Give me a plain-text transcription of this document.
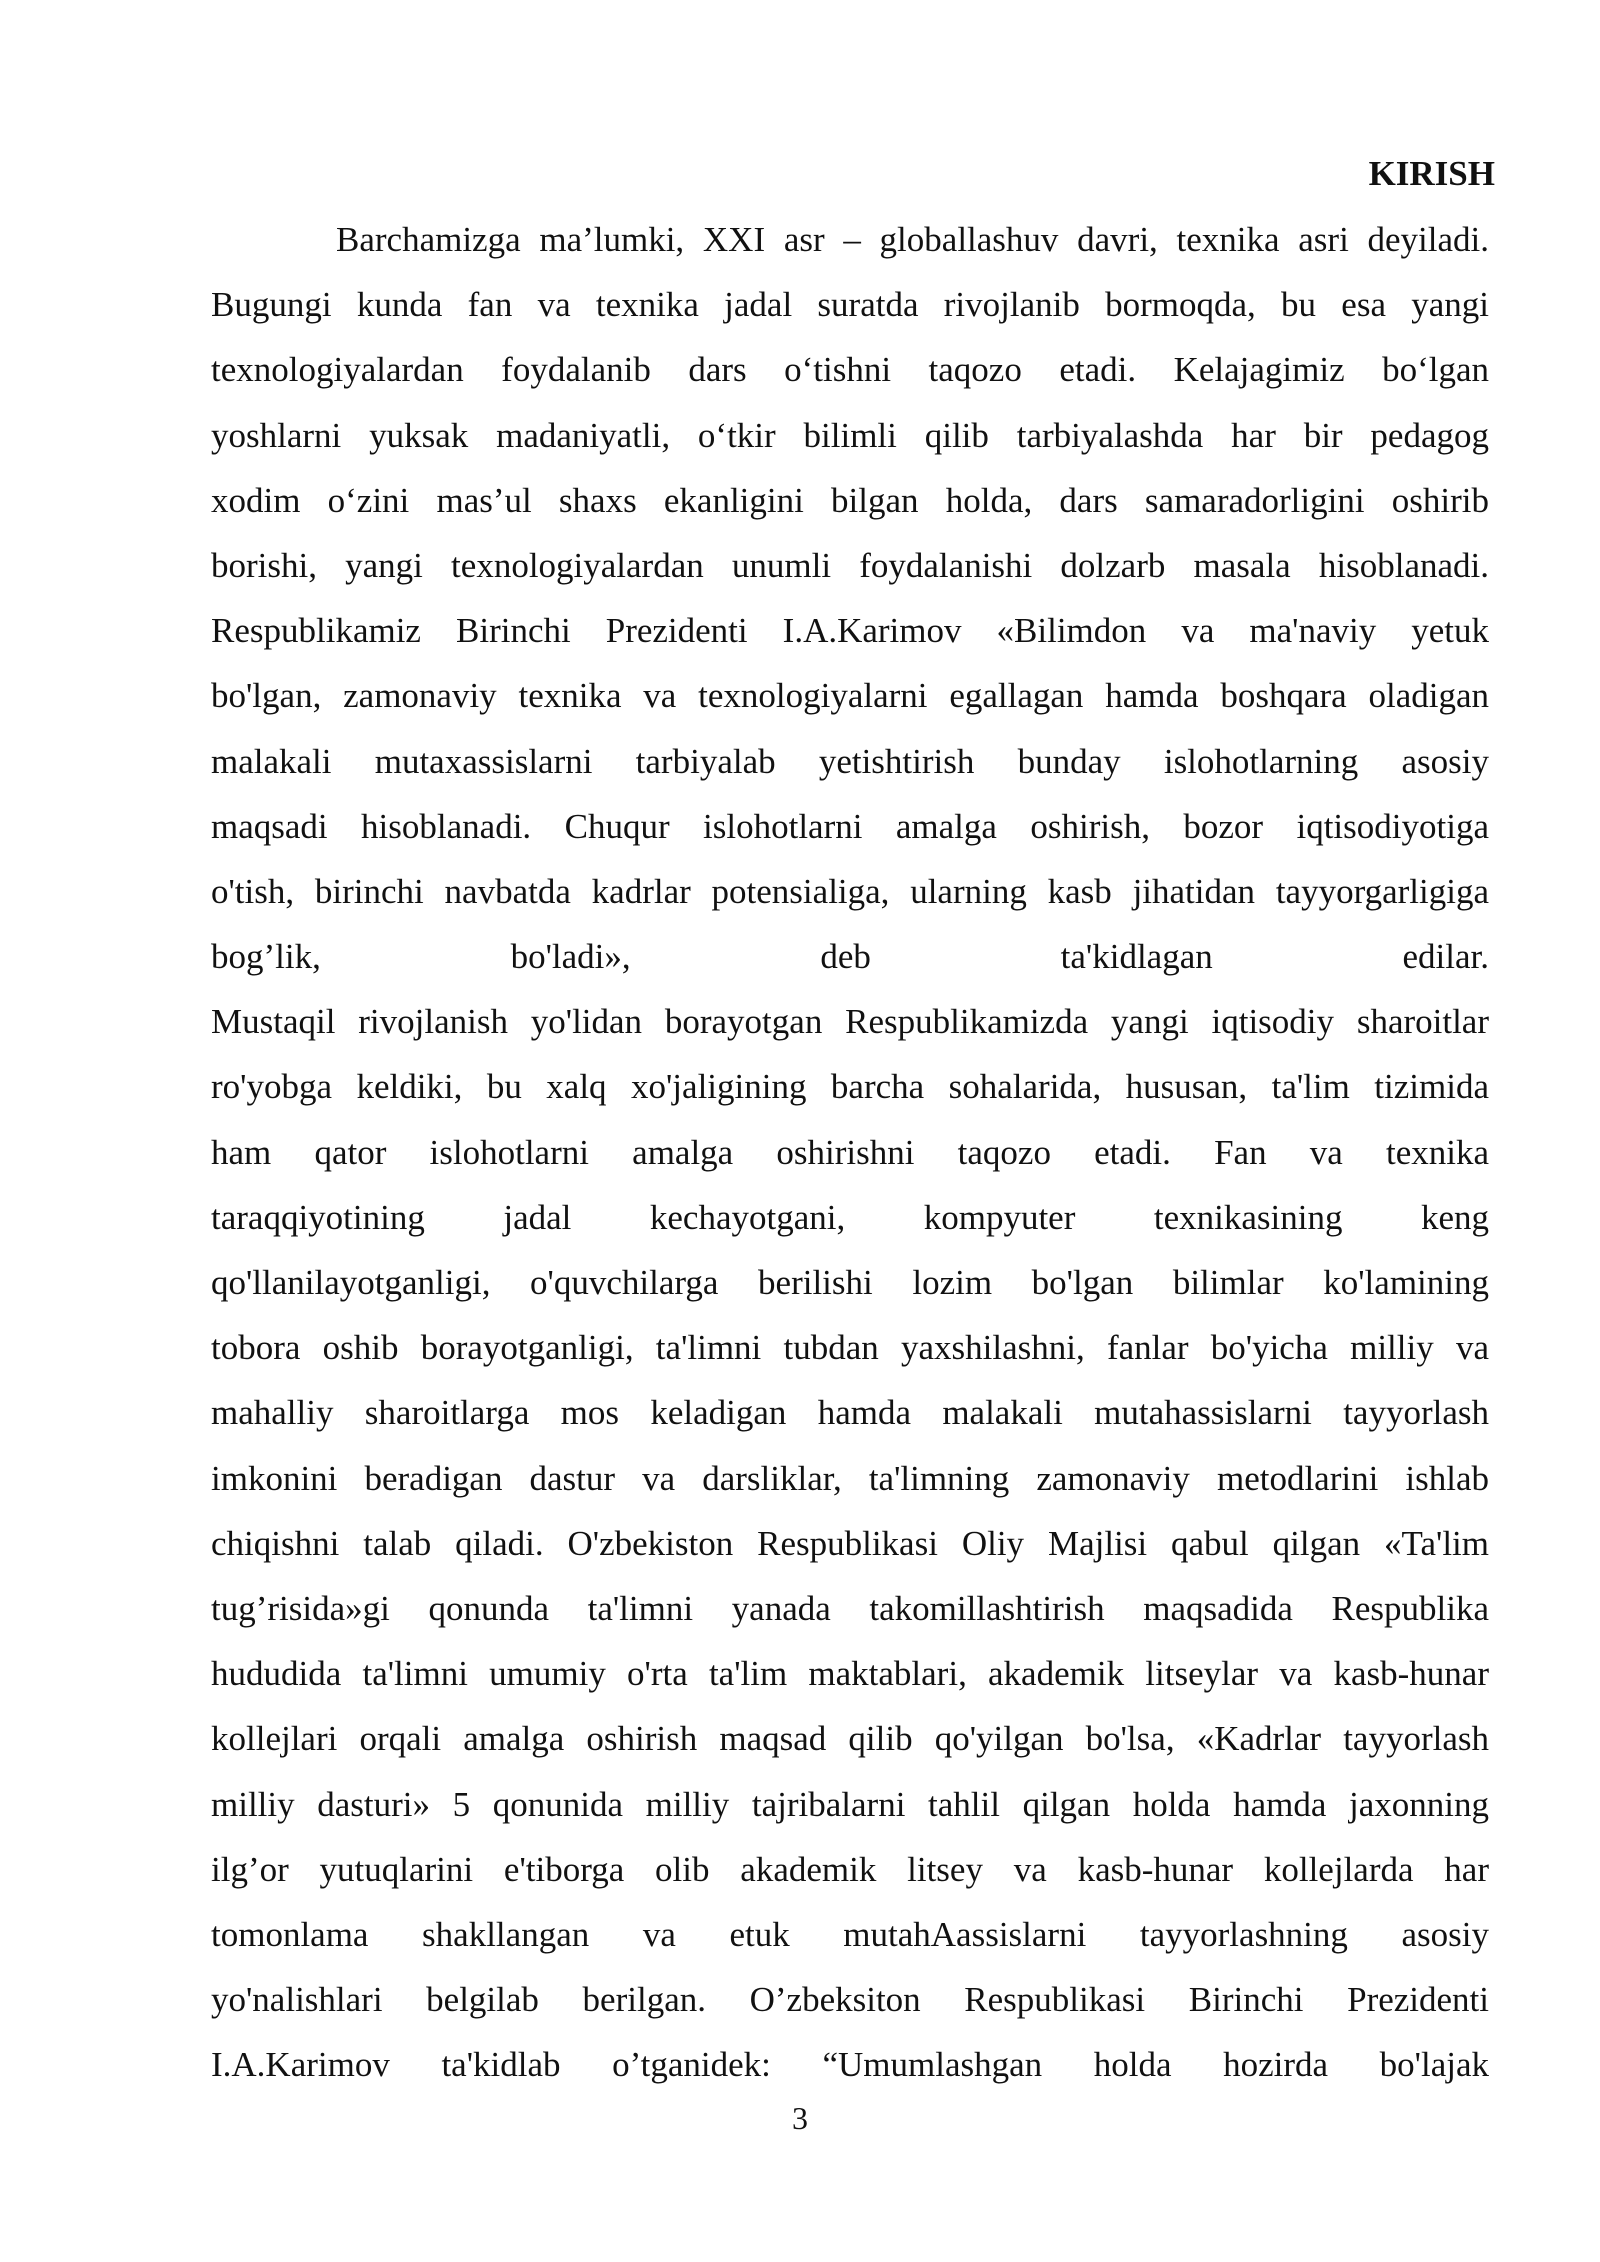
KIRISH
Barchamizga ma’lumki, XXI asr – globallashuv davri, texnika asri deyiladi.
Bugungi kunda fan va texnika jadal suratda rivojlanib bormoqda, bu esa yangi
texnologiyalardan foydalanib dars o‘tishni taqozo etadi. Kelajagimiz bo‘lgan
yoshlarni yuksak madaniyatli, o‘tkir bilimli qilib tarbiyalashda har bir pedagog
xodim o‘zini mas’ul shaxs ekanligini bilgan holda, dars samaradorligini oshirib
borishi, yangi texnologiyalardan unumli foydalanishi dolzarb masala hisoblanadi.
Respublikamiz Birinchi Prezidenti I.A.Karimov «Bilimdon va ma'naviy yetuk
bo'lgan, zamonaviy texnika va texnologiyalarni egallagan hamda boshqara oladigan
malakali mutaxassislarni tarbiyalab yetishtirish bunday islohotlarning asosiy
maqsadi hisoblanadi. Chuqur islohotlarni amalga oshirish, bozor iqtisodiyotiga
o'tish, birinchi navbatda kadrlar potensialiga, ularning kasb jihatidan tayyorgarligiga
bog’lik, bo'ladi», deb ta'kidlagan edilar.
Mustaqil rivojlanish yo'lidan borayotgan Respublikamizda yangi iqtisodiy sharoitlar
ro'yobga keldiki, bu xalq xo'jaligining barcha sohalarida, hususan, ta'lim tizimida
ham qator islohotlarni amalga oshirishni taqozo etadi. Fan va texnika
taraqqiyotining jadal kechayotgani, kompyuter texnikasining keng
qo'llanilayotganligi, o'quvchilarga berilishi lozim bo'lgan bilimlar ko'lamining
tobora oshib borayotganligi, ta'limni tubdan yaxshilashni, fanlar bo'yicha milliy va
mahalliy sharoitlarga mos keladigan hamda malakali mutahassislarni tayyorlash
imkonini beradigan dastur va darsliklar, ta'limning zamonaviy metodlarini ishlab
chiqishni talab qiladi. O'zbekiston Respublikasi Oliy Majlisi qabul qilgan «Ta'lim
tug’risida»gi qonunda ta'limni yanada takomillashtirish maqsadida Respublika
hududida ta'limni umumiy o'rta ta'lim maktablari, akademik litseylar va kasb-hunar
kollejlari orqali amalga oshirish maqsad qilib qo'yilgan bo'lsa, «Kadrlar tayyorlash
milliy dasturi» 5 qonunida milliy tajribalarni tahlil qilgan holda hamda jaxonning
ilg’or yutuqlarini e'tiborga olib akademik litsey va kasb-hunar kollejlarda har
tomonlama shakllangan va etuk mutahAassislarni tayyorlashning asosiy
yo'nalishlari belgilab berilgan. O’zbeksiton Respublikasi Birinchi Prezidenti
I.A.Karimov ta'kidlab o’tganidek: “Umumlashgan holda hozirda bo'lajak

3
